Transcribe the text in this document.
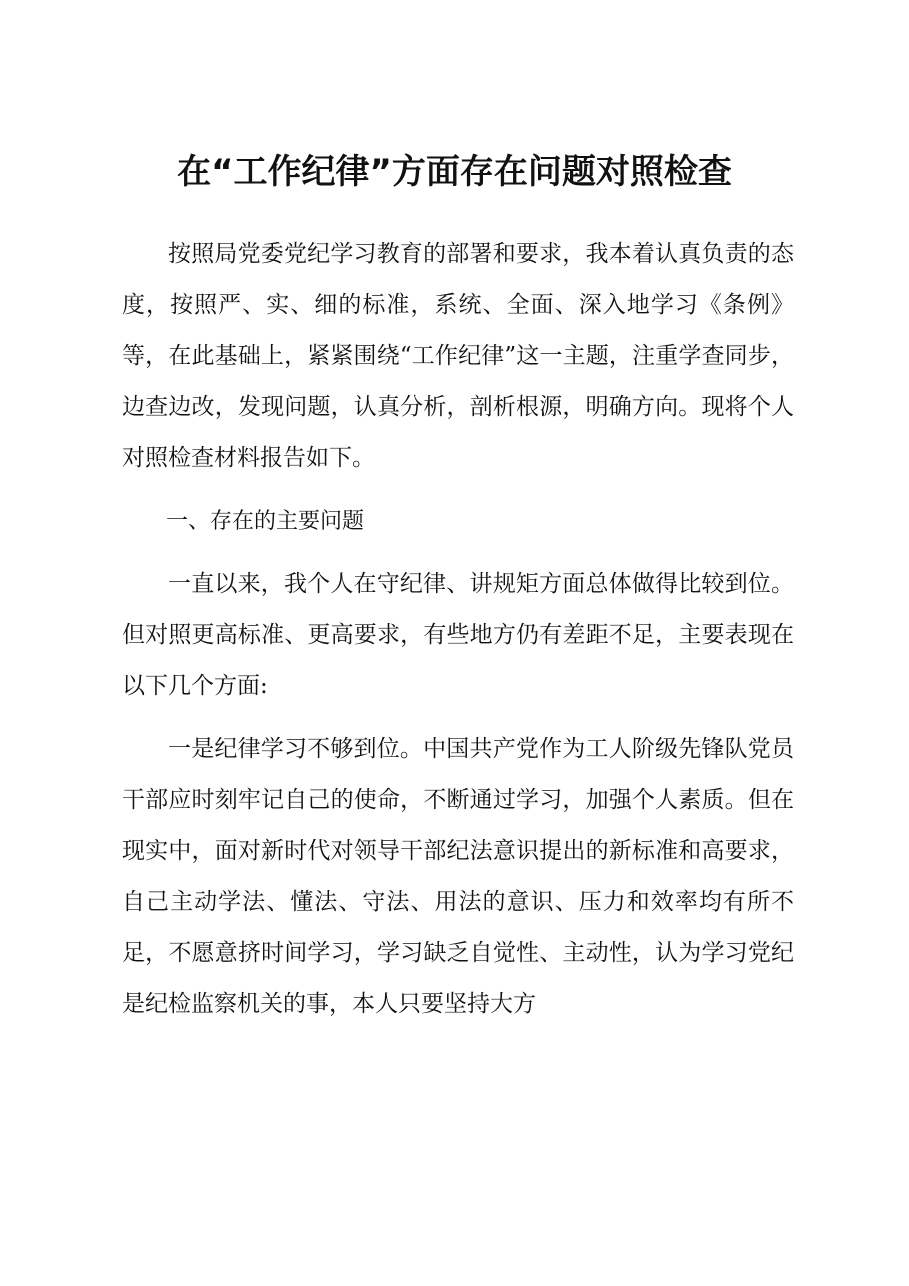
在“工作纪律”方面存在问题对照检查

按照局党委党纪学习教育的部署和要求，我本着认真负责的态度，按照严、实、细的标准，系统、全面、深入地学习《条例》等，在此基础上，紧紧围绕“工作纪律”这一主题，注重学查同步，边查边改，发现问题，认真分析，剖析根源，明确方向。现将个人对照检查材料报告如下。

一、存在的主要问题

一直以来，我个人在守纪律、讲规矩方面总体做得比较到位。但对照更高标准、更高要求，有些地方仍有差距不足，主要表现在以下几个方面:

一是纪律学习不够到位。中国共产党作为工人阶级先锋队党员干部应时刻牢记自己的使命，不断通过学习，加强个人素质。但在现实中，面对新时代对领导干部纪法意识提出的新标准和高要求，自己主动学法、懂法、守法、用法的意识、压力和效率均有所不足，不愿意挤时间学习，学习缺乏自觉性、主动性，认为学习党纪是纪检监察机关的事，本人只要坚持大方
